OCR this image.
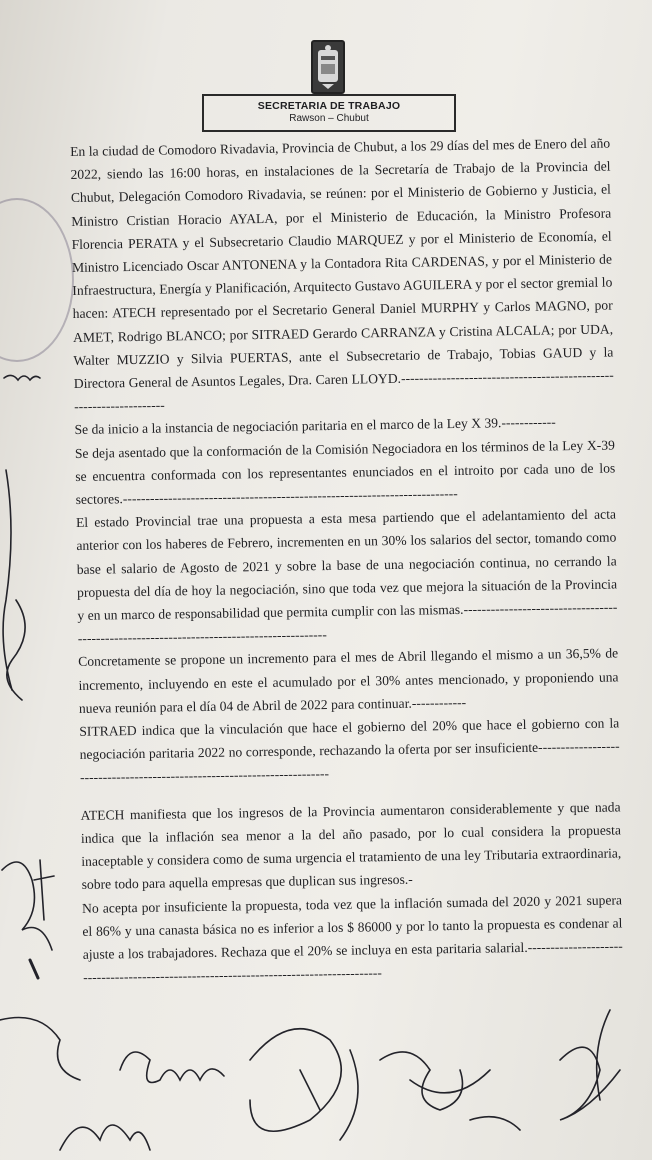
SECRETARIA DE TRABAJO
Rawson – Chubut

En la ciudad de Comodoro Rivadavia, Provincia de Chubut, a los 29 días del mes de Enero del año 2022, siendo las 16:00 horas, en instalaciones de la Secretaría de Trabajo de la Provincia del Chubut, Delegación Comodoro Rivadavia, se reúnen: por el Ministerio de Gobierno y Justicia, el Ministro Cristian Horacio AYALA, por el Ministerio de Educación, la Ministro Profesora Florencia PERATA y el Subsecretario Claudio MARQUEZ y por el Ministerio de Economía, el Ministro Licenciado Oscar ANTONENA y la Contadora Rita CARDENAS, y por el Ministerio de Infraestructura, Energía y Planificación, Arquitecto Gustavo AGUILERA y por el sector gremial lo hacen: ATECH representado por el Secretario General Daniel MURPHY y Carlos MAGNO, por AMET, Rodrigo BLANCO; por SITRAED Gerardo CARRANZA y Cristina ALCALA; por UDA, Walter MUZZIO y Silvia PUERTAS, ante el Subsecretario de Trabajo, Tobias GAUD y la Directora General de Asuntos Legales, Dra. Caren LLOYD.-------------------------------------------------------------------

Se da inicio a la instancia de negociación paritaria en el marco de la Ley X 39.------------

Se deja asentado que la conformación de la Comisión Negociadora en los términos de la Ley X-39 se encuentra conformada con los representantes enunciados en el introito por cada uno de los sectores.--------------------------------------------------------------------------

El estado Provincial trae una propuesta a esta mesa partiendo que el adelantamiento del acta anterior con los haberes de Febrero, incrementen en un 30% los salarios del sector, tomando como base el salario de Agosto de 2021 y sobre la base de una negociación continua, no cerrando la propuesta del día de hoy la negociación, sino que toda vez que mejora la situación de la Provincia y en un marco de responsabilidad que permita cumplir con las mismas.-----------------------------------------------------------------------------------------

Concretamente se propone un incremento para el mes de Abril llegando el mismo a un 36,5% de incremento, incluyendo en este el acumulado por el 30% antes mencionado, y proponiendo una nueva reunión para el día 04 de Abril de 2022 para continuar.------------

SITRAED indica que la vinculación que hace el gobierno del 20% que hace el gobierno con la negociación paritaria 2022 no corresponde, rechazando la oferta por ser insuficiente-------------------------------------------------------------------------

ATECH manifiesta que los ingresos de la Provincia aumentaron considerablemente y que nada indica que la inflación sea menor a la del año pasado, por lo cual considera la propuesta inaceptable y considera como de suma urgencia el tratamiento de una ley Tributaria extraordinaria, sobre todo para aquella empresas que duplican sus ingresos.-

No acepta por insuficiente la propuesta, toda vez que la inflación sumada del 2020 y 2021 supera el 86% y una canasta básica no es inferior a los $ 86000 y por lo tanto la propuesta es condenar al ajuste a los trabajadores. Rechaza que el 20% se incluya en esta paritaria salarial.---------------------------------------------------------------------------------------
